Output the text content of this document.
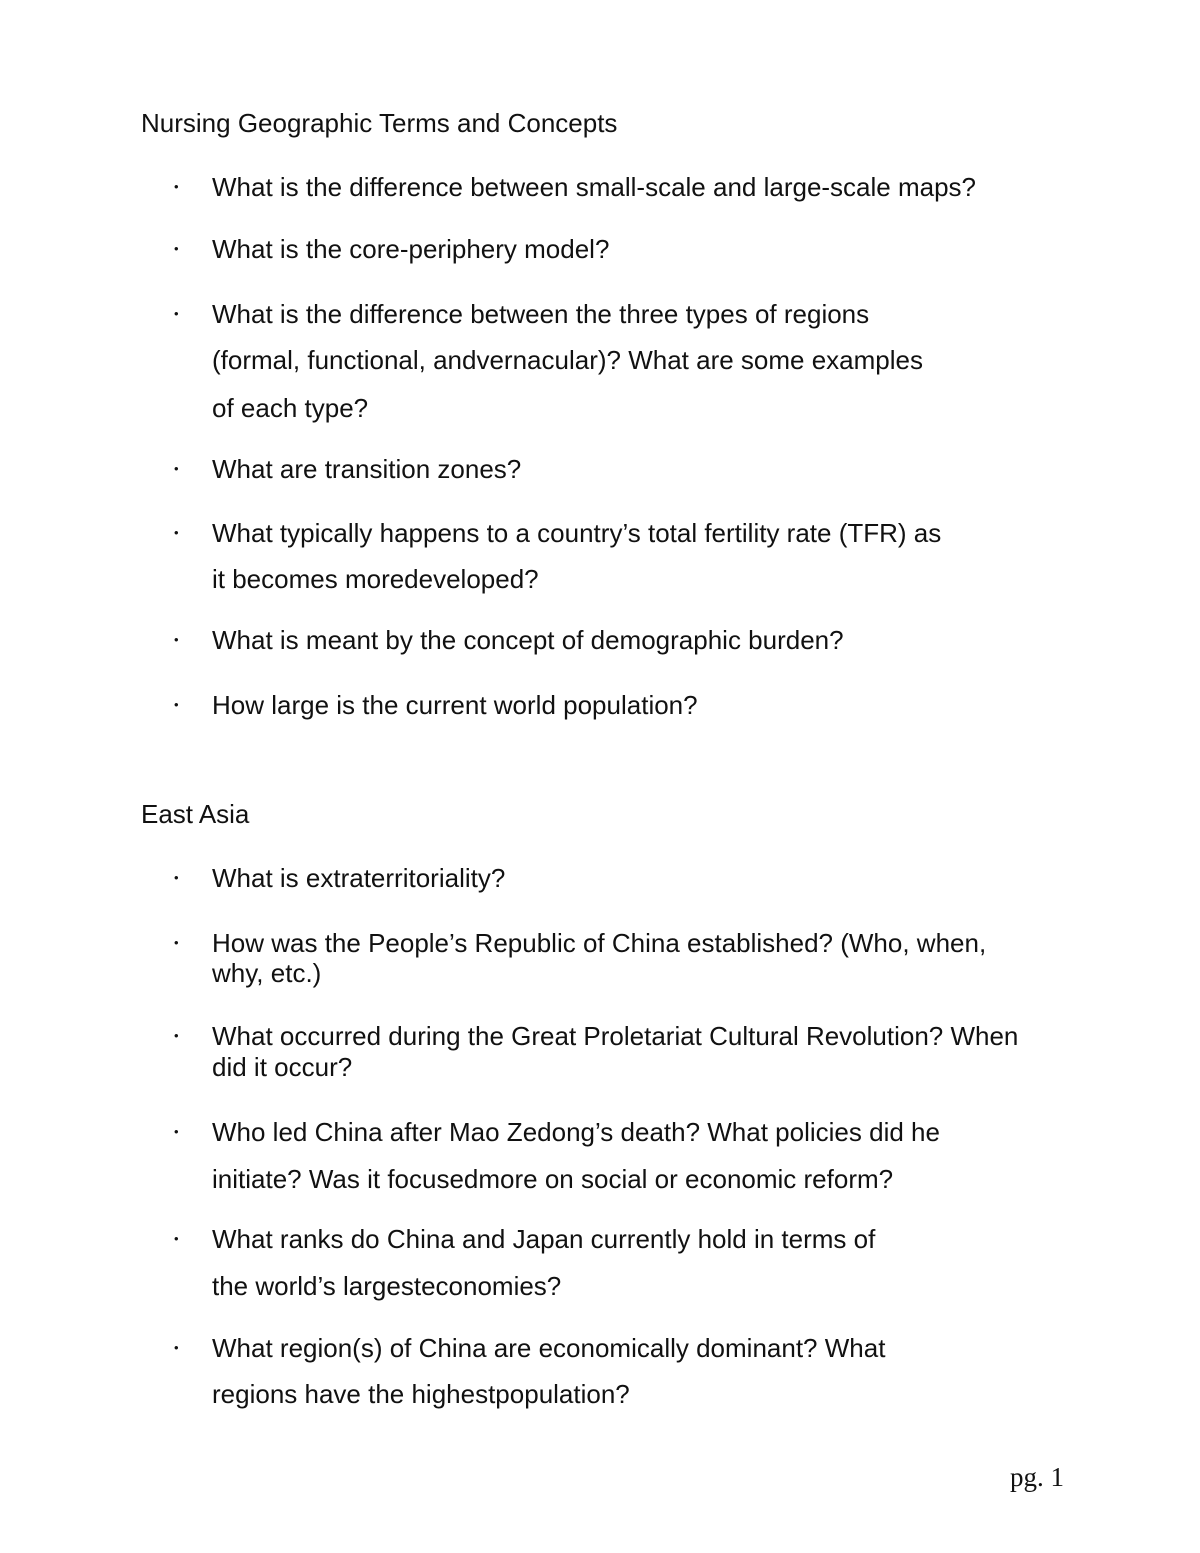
Nursing Geographic Terms and Concepts
• What is the difference between small-scale and large-scale maps?
• What is the core-periphery model?
• What is the difference between the three types of regions
(formal, functional, andvernacular)? What are some examples
of each type?
• What are transition zones?
• What typically happens to a country’s total fertility rate (TFR) as
it becomes moredeveloped?
• What is meant by the concept of demographic burden?
• How large is the current world population?
East Asia
• What is extraterritoriality?
• How was the People’s Republic of China established? (Who, when,
why, etc.)
• What occurred during the Great Proletariat Cultural Revolution? When
did it occur?
• Who led China after Mao Zedong’s death? What policies did he
initiate? Was it focusedmore on social or economic reform?
• What ranks do China and Japan currently hold in terms of
the world’s largesteconomies?
• What region(s) of China are economically dominant? What
regions have the highestpopulation?
pg. 1
